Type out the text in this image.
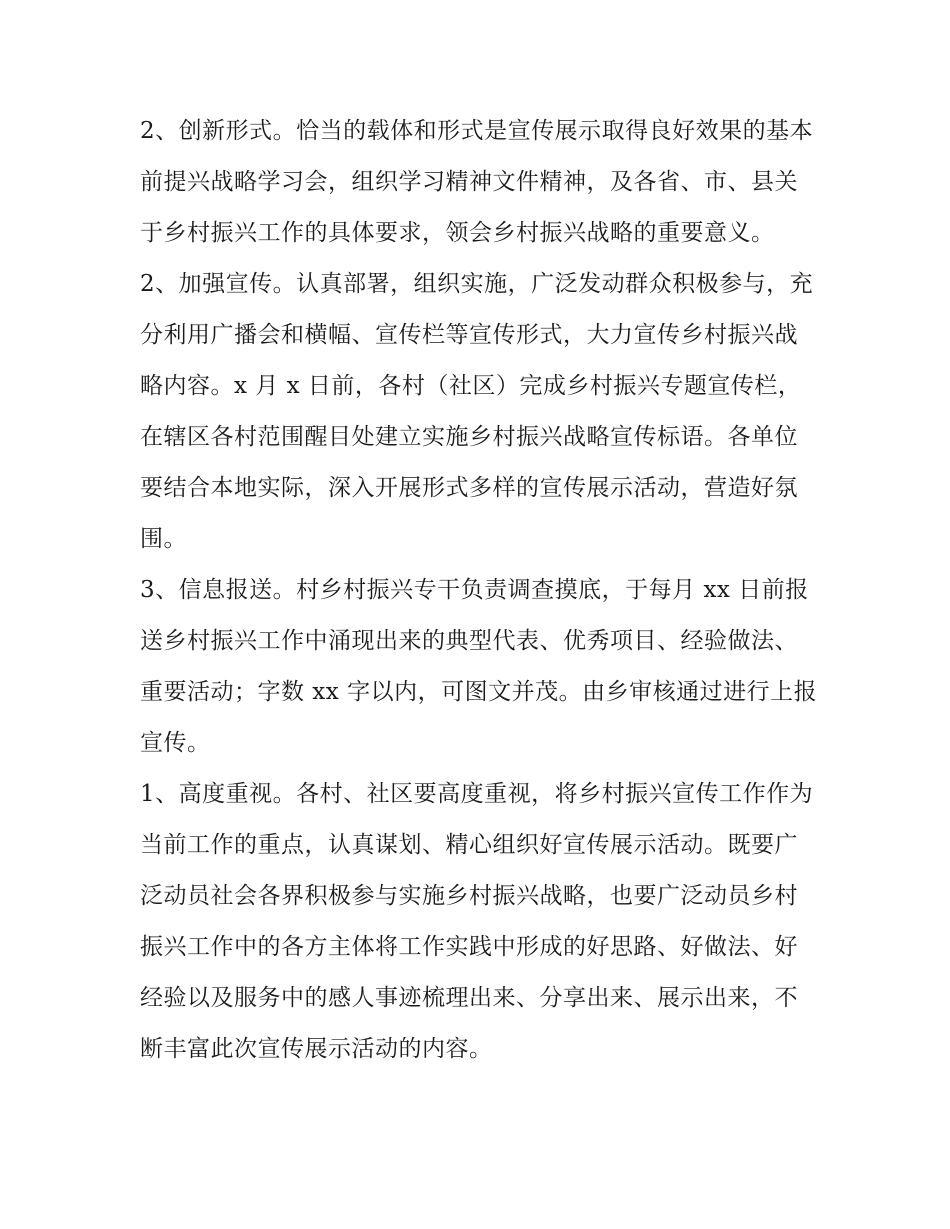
2、创新形式。恰当的载体和形式是宣传展示取得良好效果的基本前提兴战略学习会，组织学习精神文件精神，及各省、市、县关于乡村振兴工作的具体要求，领会乡村振兴战略的重要意义。

2、加强宣传。认真部署，组织实施，广泛发动群众积极参与，充分利用广播会和横幅、宣传栏等宣传形式，大力宣传乡村振兴战略内容。x 月 x 日前，各村（社区）完成乡村振兴专题宣传栏，在辖区各村范围醒目处建立实施乡村振兴战略宣传标语。各单位要结合本地实际，深入开展形式多样的宣传展示活动，营造好氛围。

3、信息报送。村乡村振兴专干负责调查摸底，于每月 xx 日前报送乡村振兴工作中涌现出来的典型代表、优秀项目、经验做法、重要活动；字数 xx 字以内，可图文并茂。由乡审核通过进行上报宣传。

1、高度重视。各村、社区要高度重视，将乡村振兴宣传工作作为当前工作的重点，认真谋划、精心组织好宣传展示活动。既要广泛动员社会各界积极参与实施乡村振兴战略，也要广泛动员乡村振兴工作中的各方主体将工作实践中形成的好思路、好做法、好经验以及服务中的感人事迹梳理出来、分享出来、展示出来，不断丰富此次宣传展示活动的内容。
